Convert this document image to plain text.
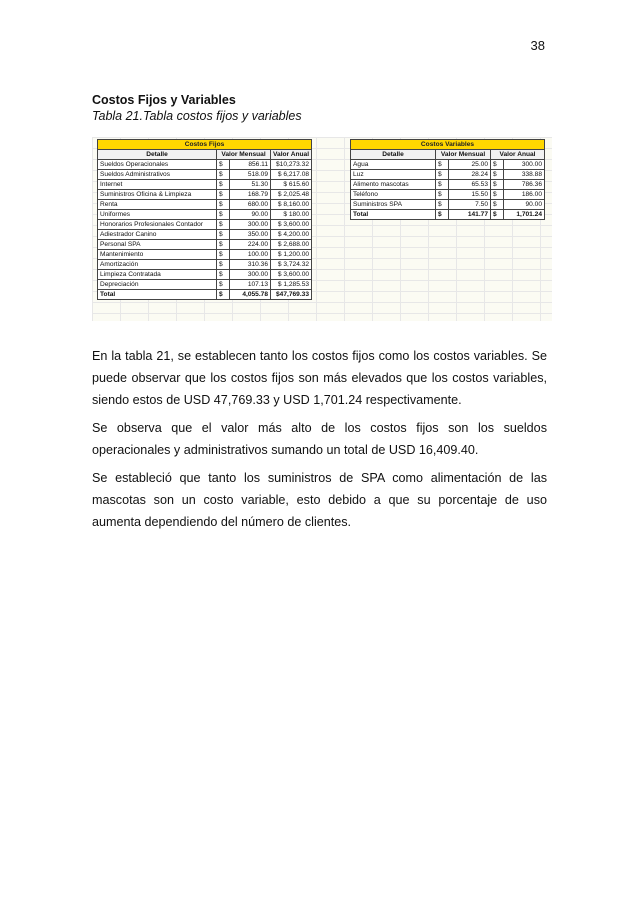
38
Costos Fijos y Variables
Tabla 21.Tabla costos fijos y variables
Costos Fijos			
Detalle	Valor Mensual		Valor Anual
Sueldos Operacionales	$	856.11	$10,273.32
Sueldos Administrativos	$	518.09	$ 6,217.08
Internet	$	51.30	$ 615.60
Suministros Oficina & Limpieza	$	168.79	$ 2,025.48
Renta	$	680.00	$ 8,160.00
Uniformes	$	90.00	$ 180.00
Honorarios Profesionales Contador	$	300.00	$ 3,600.00
Adiestrador Canino	$	350.00	$ 4,200.00
Personal SPA	$	224.00	$ 2,688.00
Mantenimiento	$	100.00	$ 1,200.00
Amortización	$	310.36	$ 3,724.32
Limpieza Contratada	$	300.00	$ 3,600.00
Depreciación	$	107.13	$ 1,285.53
Total	$	4,055.78	$47,769.33
Costos Variables				
Detalle	Valor Mensual		Valor Anual	
Agua	$	25.00	$	300.00
Luz	$	28.24	$	338.88
Alimento mascotas	$	65.53	$	786.36
Teléfono	$	15.50	$	186.00
Suministros SPA	$	7.50	$	90.00
Total	$	141.77	$	1,701.24

En la tabla 21, se establecen tanto los costos fijos como los costos variables. Se puede observar que los costos fijos son más elevados que los costos variables, siendo estos de USD 47,769.33 y USD 1,701.24 respectivamente.

Se observa que el valor más alto de los costos fijos son los sueldos operacionales y administrativos sumando un total de USD 16,409.40.

Se estableció que tanto los suministros de SPA como alimentación de las mascotas son un costo variable, esto debido a que su porcentaje de uso aumenta dependiendo del número de clientes.
